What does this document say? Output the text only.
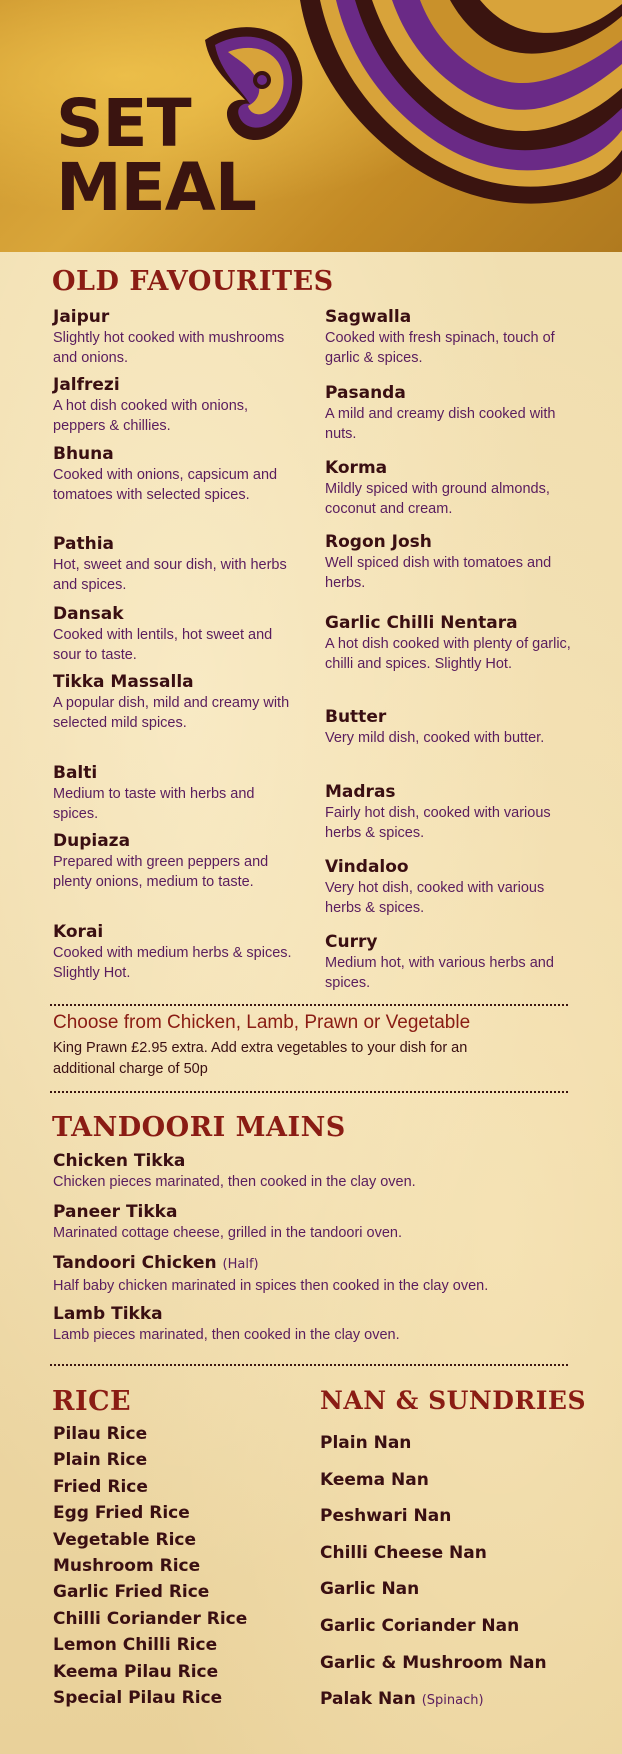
SET
MEAL
OLD FAVOURITES
Jaipur
Slightly hot cooked with mushrooms and onions.
Jalfrezi
A hot dish cooked with onions, peppers & chillies.
Bhuna
Cooked with onions, capsicum and tomatoes with selected spices.
Pathia
Hot, sweet and sour dish, with herbs and spices.
Dansak
Cooked with lentils, hot sweet and sour to taste.
Tikka Massalla
A popular dish, mild and creamy with selected mild spices.
Balti
Medium to taste with herbs and spices.
Dupiaza
Prepared with green peppers and plenty onions, medium to taste.
Korai
Cooked with medium herbs & spices. Slightly Hot.
Sagwalla
Cooked with fresh spinach, touch of garlic & spices.
Pasanda
A mild and creamy dish cooked with nuts.
Korma
Mildly spiced with ground almonds, coconut and cream.
Rogon Josh
Well spiced dish with tomatoes and herbs.
Garlic Chilli Nentara
A hot dish cooked with plenty of garlic, chilli and spices. Slightly Hot.
Butter
Very mild dish, cooked with butter.
Madras
Fairly hot dish, cooked with various herbs & spices.
Vindaloo
Very hot dish, cooked with various herbs & spices.
Curry
Medium hot, with various herbs and spices.
Choose from Chicken, Lamb, Prawn or Vegetable
King Prawn £2.95 extra. Add extra vegetables to your dish for an additional charge of 50p
TANDOORI MAINS
Chicken Tikka
Chicken pieces marinated, then cooked in the clay oven.
Paneer Tikka
Marinated cottage cheese, grilled in the tandoori oven.
Tandoori Chicken (Half)
Half baby chicken marinated in spices then cooked in the clay oven.
Lamb Tikka
Lamb pieces marinated, then cooked in the clay oven.
RICE
Pilau Rice
Plain Rice
Fried Rice
Egg Fried Rice
Vegetable Rice
Mushroom Rice
Garlic Fried Rice
Chilli Coriander Rice
Lemon Chilli Rice
Keema Pilau Rice
Special Pilau Rice
NAN & SUNDRIES
Plain Nan
Keema Nan
Peshwari Nan
Chilli Cheese Nan
Garlic Nan
Garlic Coriander Nan
Garlic & Mushroom Nan
Palak Nan (Spinach)
